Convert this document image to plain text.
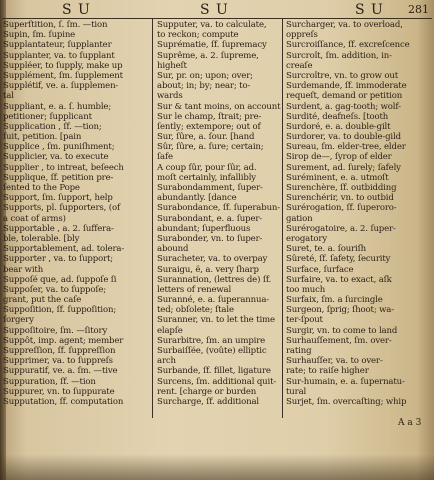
S U	S U	S U 281
Superſtition, ſ. ſm. —tion
Supin, ſm. ſupine
Supplantateur, ſupplanter
Supplanter, va. to ſupplant
Suppléer, to ſupply, make up
Supplément, ſm. ſupplement
Supplétif, ve. a. ſupplemen-
tal
Suppliant, e. a. ſ. humble;
petitioner; ſupplicant
Supplication , ſf. —tion;
ſuit, petition. [pain
Supplice , ſm. puniſhment;
Supplicier, va. to execute
Supplier , to intreat, beſeech
Supplique, ſf. petition pre-
ſented to the Pope
Support, ſm. ſupport, help
Supports, pl. ſupporters, (of
a coat of arms)
Supportable , a. 2. ſuffera-
ble, tolerable. [bly
Supportablement, ad. tolera-
Supporter , va. to ſupport;
bear with
Suppoſé que, ad. ſuppoſe ſi
Suppoſer, va. to ſuppoſe;
grant, put the caſe
Suppoſition, ſf. ſuppoſition;
forgery
Suppoſitoire, ſm. —ſitory
Suppôt, imp. agent; member
Suppreſſion, ſf. ſuppreſſion
Supprimer, va. to ſuppreſs
Suppuratif, ve. a. ſm. —tive
Suppuration, ſf. —tion
Suppurer, vn. to ſuppurate
Supputation, ſf. computation
Supputer, va. to calculate,
to reckon; compute
Suprématie, ſf. ſupremacy
Suprême, a. 2. ſupreme,
higheſt
Sur, pr. on; upon; over;
about; in; by; near; to-
wards
Sur & tant moins, on account
Sur le champ, ſtrait; pre-
ſently; extempore; out of
Sur, ſûre, a. ſour. [hand
Sûr, ſûre, a. ſure; certain;
ſafe
A coup ſûr, pour ſûr, ad.
moſt certainly, infallibly
Surabondamment, ſuper-
abundantly. [dance
Surabondance, ſf. ſuperabun-
Surabondant, e. a. ſuper-
abundant; ſuperfluous
Surabonder, vn. to ſuper-
abound
Suracheter, va. to overpay
Suraigu, ë, a. very ſharp
Surannation, (lettres de) ſf.
letters of renewal
Suranné, e. a. ſuperannua-
ted; obſolete; ſtale
Suranner, vn. to let the time
elapſe
Surarbitre, ſm. an umpire
Surbaiſſée, (voûte) elliptic
arch
Surbande, ſf. fillet, ligature
Surcens, ſm. additional quit-
rent. [charge or burden
Surcharge, ſf. additional
Surcharger, va. to overload,
oppreſs
Surcroiſſance, ſf. excreſcence
Surcroît, ſm. addition, in-
creaſe
Surcroître, vn. to grow out
Surdemande, ſf. immoderate
requeſt, demand or petition
Surdent, a. gag-tooth; wolf-
Surdité, deafneſs. [tooth
Surdoré, e. a. double-gilt
Surdorer, va. to double-gild
Sureau, ſm. elder-tree, elder
Sirop de—, ſyrop of elder
Surement, ad. ſurely; ſafely
Suréminent, e. a. utmoſt
Surenchère, ſf. outbidding
Surenchérir, vn. to outbid
Surérogation, ſf. ſuperoro-
gation
Surérogatoire, a. 2. ſuper-
erogatory
Suret, te. a. ſouriſh
Sûreté, ſf. ſafety, ſecurity
Surface, ſurface
Surfaire, va. to exact, aſk
too much
Surfaix, ſm. a ſurcingle
Surgeon, ſprig; ſhoot; wa-
ter-ſpout
Surgir, vn. to come to land
Surhauſſement, ſm. over-
rating
Surhauſſer, va. to over-
rate; to raiſe higher
Sur-humain, e. a. ſupernatu-
tural
Surjet, ſm. overcaſting; whip
A a 3
